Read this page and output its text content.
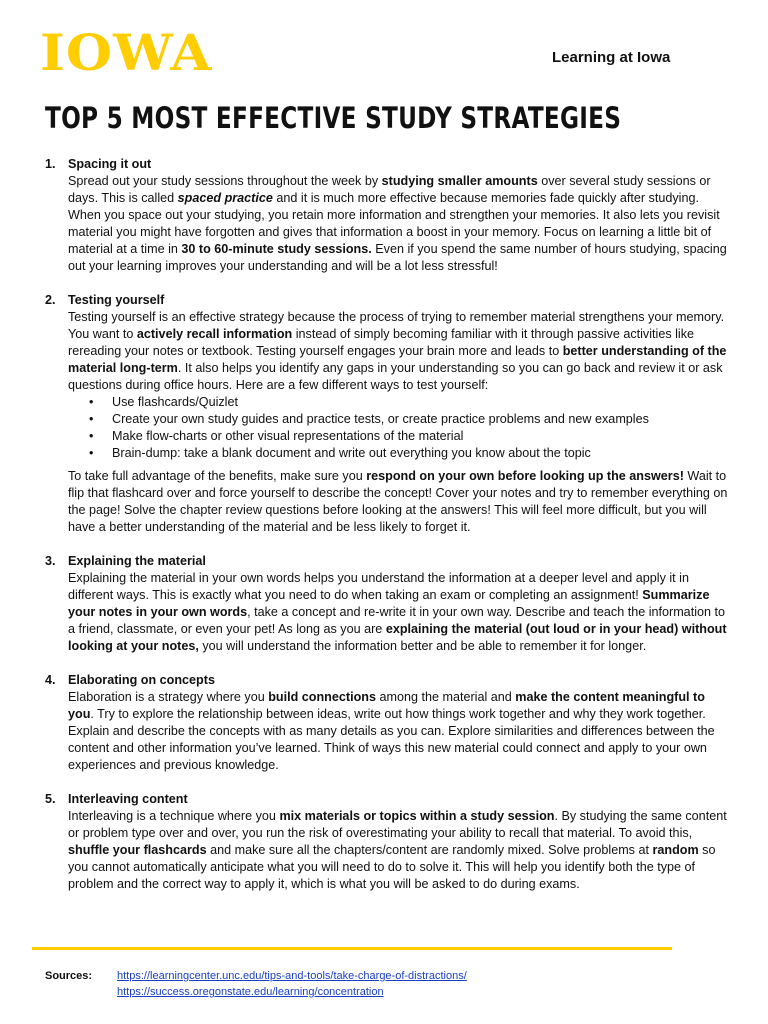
IOWA	Learning at Iowa
TOP 5 MOST EFFECTIVE STUDY STRATEGIES
1. Spacing it out

Spread out your study sessions throughout the week by studying smaller amounts over several study sessions or days. This is called spaced practice and it is much more effective because memories fade quickly after studying. When you space out your studying, you retain more information and strengthen your memories. It also lets you revisit material you might have forgotten and gives that information a boost in your memory. Focus on learning a little bit of material at a time in 30 to 60-minute study sessions. Even if you spend the same number of hours studying, spacing out your learning improves your understanding and will be a lot less stressful!

2. Testing yourself

Testing yourself is an effective strategy because the process of trying to remember material strengthens your memory. You want to actively recall information instead of simply becoming familiar with it through passive activities like rereading your notes or textbook. Testing yourself engages your brain more and leads to better understanding of the material long-term. It also helps you identify any gaps in your understanding so you can go back and review it or ask questions during office hours. Here are a few different ways to test yourself:

• Use flashcards/Quizlet
• Create your own study guides and practice tests, or create practice problems and new examples
• Make flow-charts or other visual representations of the material
• Brain-dump: take a blank document and write out everything you know about the topic

To take full advantage of the benefits, make sure you respond on your own before looking up the answers! Wait to flip that flashcard over and force yourself to describe the concept! Cover your notes and try to remember everything on the page! Solve the chapter review questions before looking at the answers! This will feel more difficult, but you will have a better understanding of the material and be less likely to forget it.

3. Explaining the material

Explaining the material in your own words helps you understand the information at a deeper level and apply it in different ways. This is exactly what you need to do when taking an exam or completing an assignment! Summarize your notes in your own words, take a concept and re-write it in your own way. Describe and teach the information to a friend, classmate, or even your pet! As long as you are explaining the material (out loud or in your head) without looking at your notes, you will understand the information better and be able to remember it for longer.

4. Elaborating on concepts

Elaboration is a strategy where you build connections among the material and make the content meaningful to you. Try to explore the relationship between ideas, write out how things work together and why they work together. Explain and describe the concepts with as many details as you can. Explore similarities and differences between the content and other information you’ve learned. Think of ways this new material could connect and apply to your own experiences and previous knowledge.

5. Interleaving content

Interleaving is a technique where you mix materials or topics within a study session. By studying the same content or problem type over and over, you run the risk of overestimating your ability to recall that material. To avoid this, shuffle your flashcards and make sure all the chapters/content are randomly mixed. Solve problems at random so you cannot automatically anticipate what you will need to do to solve it. This will help you identify both the type of problem and the correct way to apply it, which is what you will be asked to do during exams.

Sources:	https://learningcenter.unc.edu/tips-and-tools/take-charge-of-distractions/
https://success.oregonstate.edu/learning/concentration
